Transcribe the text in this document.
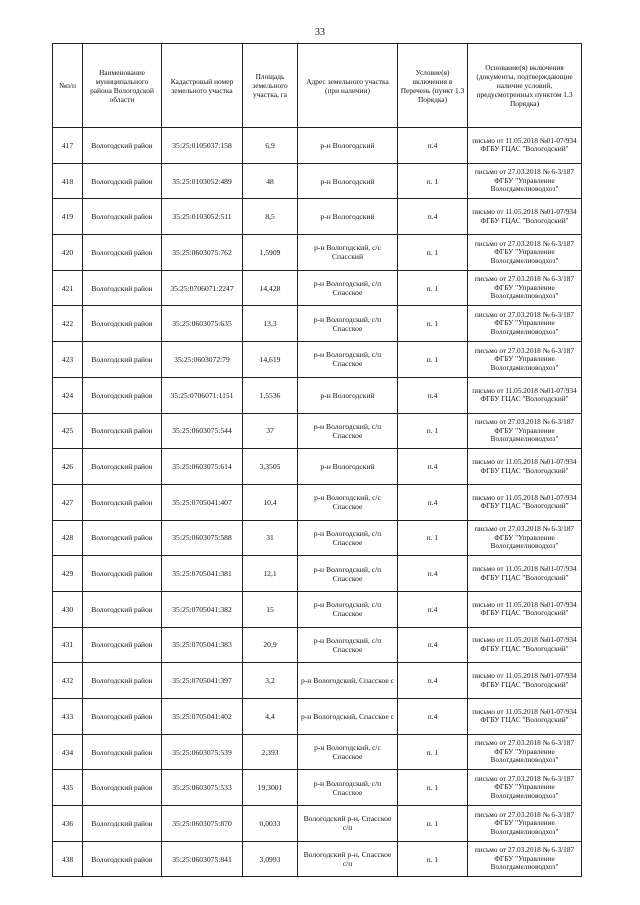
33
№п/п	Наименование муниципального района Вологодской области	Кадастровый номер земельного участка	Площадь земельного участка, га	Адрес земельного участка (при наличии)	Условие(я) включения в Перечень (пункт 1.3 Порядка)	Основание(я) включения (документы, подтверждающие наличие условий, предусмотренных пунктом 1.3 Порядка)
417	Вологодский район	35:25:0105037:158	6,9	р-н Вологодский	п.4	письмо от 11.05.2018 №01-07/934 ФГБУ ГЦАС "Вологодский"
418	Вологодский район	35:25:0103052:489	48	р-н Вологодский	п. 1	письмо от 27.03.2018 № 6-3/187 ФГБУ "Управление Вологдамелиоводхоз"
419	Вологодский район	35:25:0103052:511	8,5	р-н Вологодский	п.4	письмо от 11.05.2018 №01-07/934 ФГБУ ГЦАС "Вологодский"
420	Вологодский район	35:25:0603075:762	1,5909	р-н Вологодский, с/с Спасский	п. 1	письмо от 27.03.2018 № 6-3/187 ФГБУ "Управление Вологдамелиоводхоз"
421	Вологодский район	35:25:0706071:2247	14,428	р-н Вологодский, с/п Спасское	п. 1	письмо от 27.03.2018 № 6-3/187 ФГБУ "Управление Вологдамелиоводхоз"
422	Вологодский район	35:25:0603075:635	13,3	р-н Вологодский, с/п Спасское	п. 1	письмо от 27.03.2018 № 6-3/187 ФГБУ "Управление Вологдамелиоводхоз"
423	Вологодский район	35:25:0603072:79	14,619	р-н Вологодский, с/п Спасское	п. 1	письмо от 27.03.2018 № 6-3/187 ФГБУ "Управление Вологдамелиоводхоз"
424	Вологодский район	35:25:0706071:1151	1,5536	р-н Вологодский	п.4	письмо от 11.05.2018 №01-07/934 ФГБУ ГЦАС "Вологодский"
425	Вологодский район	35:25:0603075:544	37	р-н Вологодский, с/п Спасское	п. 1	письмо от 27.03.2018 № 6-3/187 ФГБУ "Управление Вологдамелиоводхоз"
426	Вологодский район	35:25:0603075:614	3,3505	р-н Вологодский	п.4	письмо от 11.05.2018 №01-07/934 ФГБУ ГЦАС "Вологодский"
427	Вологодский район	35:25:0705041:407	10,4	р-н Вологодский, с/с Спасское	п.4	письмо от 11.05.2018 №01-07/934 ФГБУ ГЦАС "Вологодский"
428	Вологодский район	35:25:0603075:588	31	р-н Вологодский, с/п Спасское	п. 1	письмо от 27.03.2018 № 6-3/187 ФГБУ "Управление Вологдамелиоводхоз"
429	Вологодский район	35:25:0705041:381	12,1	р-н Вологодский, с/п Спасское	п.4	письмо от 11.05.2018 №01-07/934 ФГБУ ГЦАС "Вологодский"
430	Вологодский район	35:25:0705041:382	15	р-н Вологодский, с/п Спасское	п.4	письмо от 11.05.2018 №01-07/934 ФГБУ ГЦАС "Вологодский"
431	Вологодский район	35:25:0705041:383	20,9	р-н Вологодский, с/п Спасское	п.4	письмо от 11.05.2018 №01-07/934 ФГБУ ГЦАС "Вологодский"
432	Вологодский район	35:25:0705041:397	3,2	р-н Вологодский, Спасское с	п.4	письмо от 11.05.2018 №01-07/934 ФГБУ ГЦАС "Вологодский"
433	Вологодский район	35:25:0705041:402	4,4	р-н Вологодский, Спасское с	п.4	письмо от 11.05.2018 №01-07/934 ФГБУ ГЦАС "Вологодский"
434	Вологодский район	35:25:0603075:539	2,393	р-н Вологодский, с/с Спасское	п. 1	письмо от 27.03.2018 № 6-3/187 ФГБУ "Управление Вологдамелиоводхоз"
435	Вологодский район	35:25:0603075:533	19,3001	р-н Вологодский, с/п Спасское	п. 1	письмо от 27.03.2018 № 6-3/187 ФГБУ "Управление Вологдамелиоводхоз"
436	Вологодский район	35:25:0603075:870	0,0033	Вологодский р-н, Спасское с/п	п. 1	письмо от 27.03.2018 № 6-3/187 ФГБУ "Управление Вологдамелиоводхоз"
438	Вологодский район	35:25:0603075:841	3,0993	Вологодский р-н, Спасское с/п	п. 1	письмо от 27.03.2018 № 6-3/187 ФГБУ "Управление Вологдамелиоводхоз"
